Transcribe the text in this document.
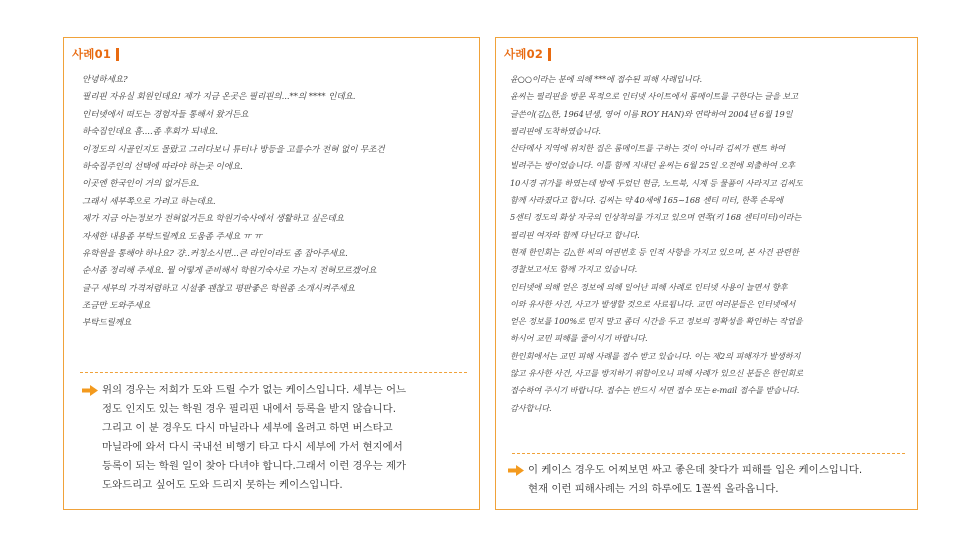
사례01
안녕하세요?
필리핀 자유실 회원인데요! 제가 지금 온곳은 필리핀의...**의 **** 인데요.
인터넷에서 떠도는 경험자들 통해서 왔거든요
하숙집인데요 흠....좀 후회가 되네요.
이정도의 시골인지도 몰랐고 그러다보니 튜터나 방등을 고를수가 전혀 없이 무조건
하숙집주인의 선택에 따라야 하는곳 이에요.
이곳엔 한국인이 거의 없거든요.
그래서 세부쪽으로 가려고 하는데요.
제가 지금 아는정보가 전혀없거든요 학원기숙사에서 생활하고 싶은데요
자세한 내용좀 부탁드릴께요 도움좀 주세요 ㅠ ㅠ
유학원을 통해야 하나요? 걍..커칭소시면...큰 라인이라도 좀 잡아주세요.
순서좀 정리해 주세요. 뭘 어떻게 준비해서 학원기숙사로 가는지 전혀모르겠어요
글구 세부의 가격저렴하고 시설좋 괜찮고 평판좋은 학원좀 소개시켜주세요
조금만 도와주세요
부탁드릴께요

위의 경우는 저희가 도와 드릴 수가 없는 케이스입니다. 세부는 어느

정도 인지도 있는 학원 경우 필리핀 내에서 등록을 받지 않습니다.

그리고 이 분 경우도 다시 마닐라나 세부에 올려고 하면 버스타고

마닐라에 와서 다시 국내선 비행기 타고 다시 세부에 가서 현지에서

등록이 되는 학원 일이 찾아 다녀야 합니다.그래서 이런 경우는 제가

도와드리고 싶어도 도와 드리지 못하는 케이스입니다.

사례02
윤○○이라는 분에 의해 ***에 접수된 피해 사례입니다.
윤씨는 필리핀을 방문 목적으로 인터넷 사이트에서 룸메이트를 구한다는 글을 보고
글쓴이(김△한, 1964년생, 영어 이름 ROY HAN)와 연락하여 2004년 6월 19일
필리핀에 도착하였습니다.
산타메사 지역에 위치한 집은 룸메이트를 구하는 것이 아니라 김씨가 렌트 하여
빌려주는 방이었습니다. 이틀 함께 지내던 윤씨는 6월 25일 오전에 외출하여 오후
10시경 귀가를 하였는데 방에 두었던 현금, 노트북, 시계 등 물품이 사라지고 김씨도
함께 사라졌다고 합니다. 김씨는 약 40세에 165~168 센티 미터, 한쪽 손목에
5센티 정도의 화상 자국의 인상착의를 가지고 있으며 연쪽(키 168 센티미터)이라는
필리핀 여자와 함께 다닌다고 합니다.
현재 한인회는 김△한 씨의 여권번호 등 인적 사항을 가지고 있으며, 본 사건 관련한
경찰보고서도 함께 가지고 있습니다.
인터넷에 의해 얻은 정보에 의해 일어난 피해 사례로 인터넷 사용이 늘면서 향후
이와 유사한 사건, 사고가 발생할 것으로 사료됩니다. 교민 여러분들은 인터넷에서
얻은 정보를 100%로 믿지 말고 좀더 시간을 두고 정보의 정확성을 확인하는 작업을
하시어 교민 피해를 줄이시기 바랍니다.
한인회에서는 교민 피해 사례를 접수 받고 있습니다. 이는 제2의 피해자가 발생하지
않고 유사한 사건, 사고를 방지하기 위함이오니 피해 사례가 있으신 분들은 한인회로
접수하여 주시기 바랍니다. 접수는 반드시 서면 접수 또는 e-mail 접수를 받습니다.
감사합니다.

이 케이스 경우도 어찌보면 싸고 좋은데 찾다가 피해를 입은 케이스입니다.

현재 이런 피해사례는 거의 하루에도 1꼴씩 올라옵니다.
